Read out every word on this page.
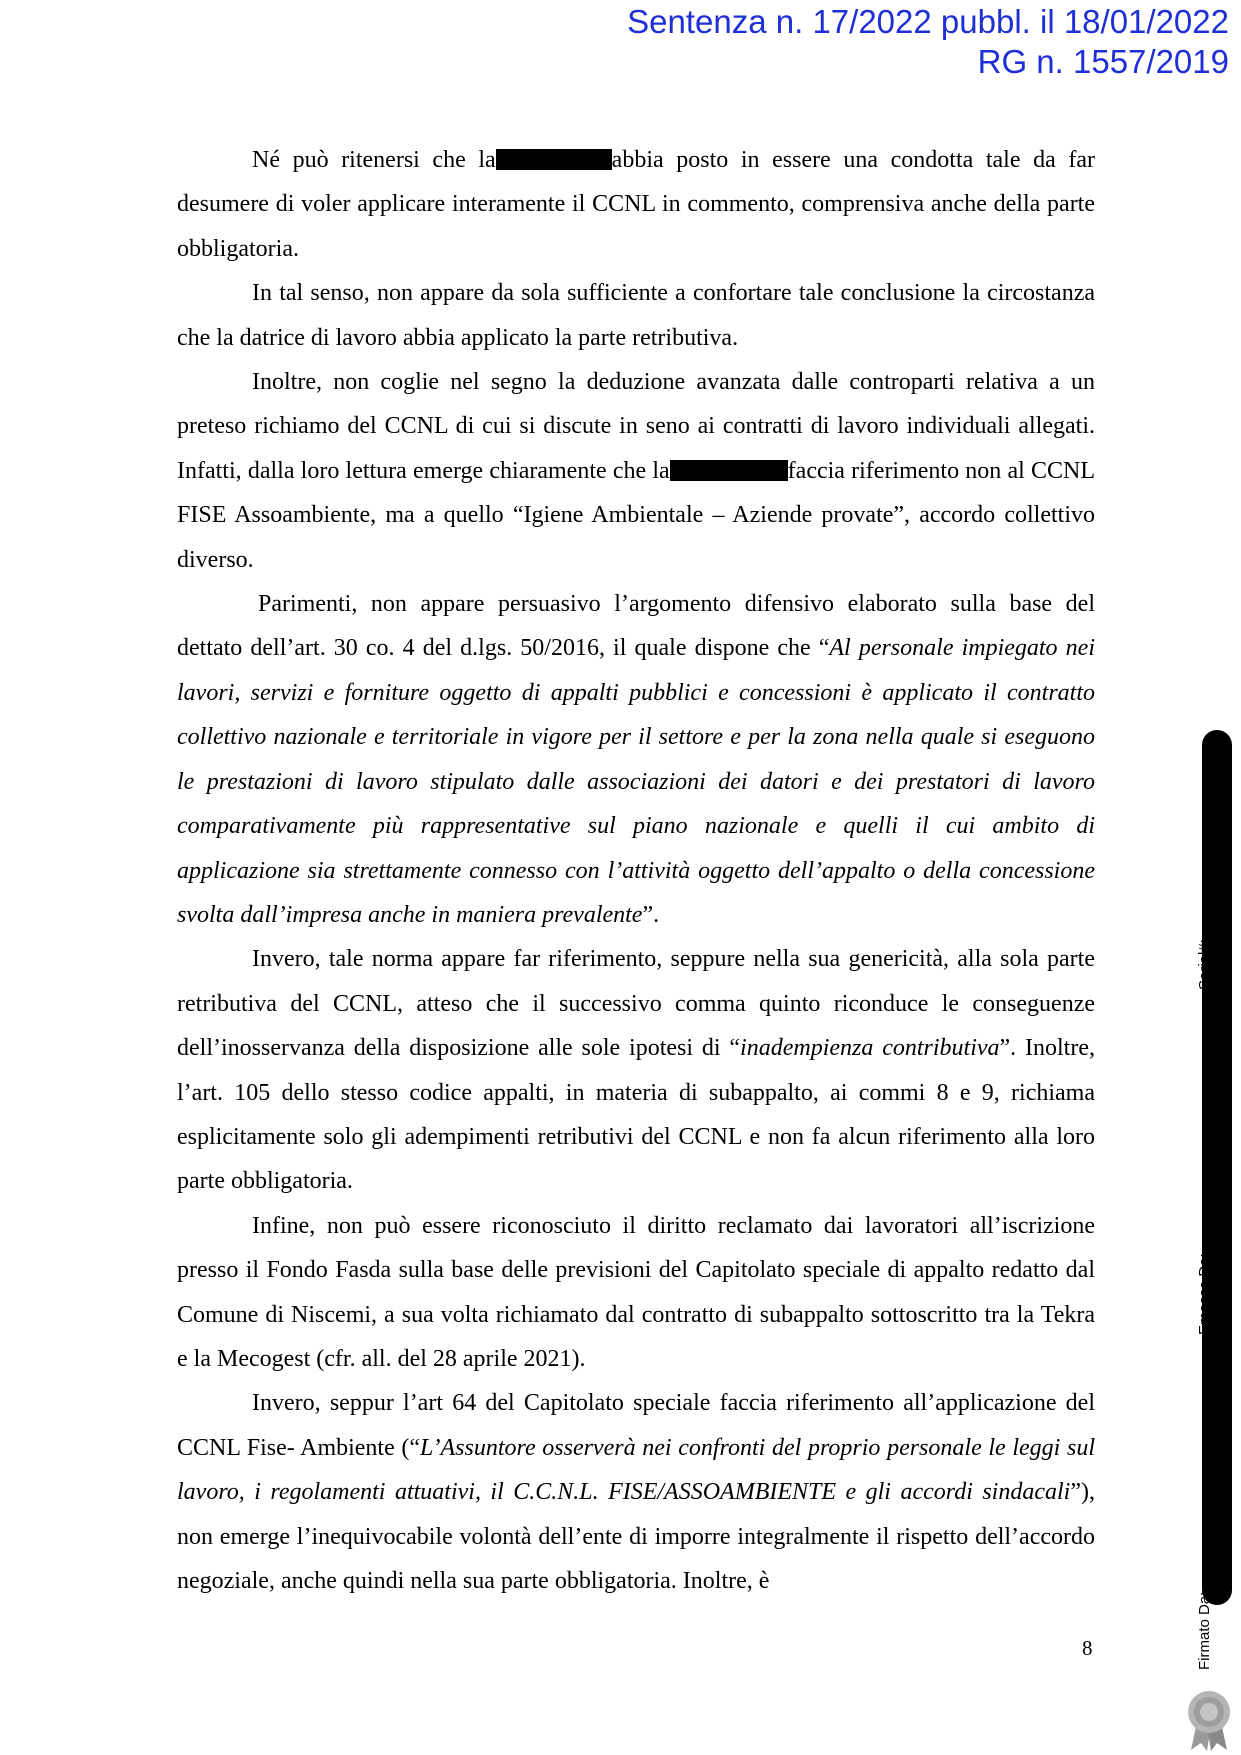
Sentenza n. 17/2022 pubbl. il 18/01/2022
RG n. 1557/2019

Né può ritenersi che la	abbia posto in essere una condotta tale da far desumere di voler applicare interamente il CCNL in commento, comprensiva anche della parte obbligatoria.

In tal senso, non appare da sola sufficiente a confortare tale conclusione la circostanza che la datrice di lavoro abbia applicato la parte retributiva.

Inoltre, non coglie nel segno la deduzione avanzata dalle controparti relativa a un preteso richiamo del CCNL di cui si discute in seno ai contratti di lavoro individuali allegati. Infatti, dalla loro lettura emerge chiaramente che la	faccia riferimento non al CCNL FISE Assoambiente, ma a quello “Igiene Ambientale – Aziende provate”, accordo collettivo diverso.

Parimenti, non appare persuasivo l’argomento difensivo elaborato sulla base del dettato dell’art. 30 co. 4 del d.lgs. 50/2016, il quale dispone che “Al personale impiegato nei lavori, servizi e forniture oggetto di appalti pubblici e concessioni è applicato il contratto collettivo nazionale e territoriale in vigore per il settore e per la zona nella quale si eseguono le prestazioni di lavoro stipulato dalle associazioni dei datori e dei prestatori di lavoro comparativamente più rappresentative sul piano nazionale e quelli il cui ambito di applicazione sia strettamente connesso con l’attività oggetto dell’appalto o della concessione svolta dall’impresa anche in maniera prevalente”.

Invero, tale norma appare far riferimento, seppure nella sua genericità, alla sola parte retributiva del CCNL, atteso che il successivo comma quinto riconduce le conseguenze dell’inosservanza della disposizione alle sole ipotesi di “inadempienza contributiva”. Inoltre, l’art. 105 dello stesso codice appalti, in materia di subappalto, ai commi 8 e 9, richiama esplicitamente solo gli adempimenti retributivi del CCNL e non fa alcun riferimento alla loro parte obbligatoria.

Infine, non può essere riconosciuto il diritto reclamato dai lavoratori all’iscrizione presso il Fondo Fasda sulla base delle previsioni del Capitolato speciale di appalto redatto dal Comune di Niscemi, a sua volta richiamato dal contratto di subappalto sottoscritto tra la Tekra e la Mecogest (cfr. all. del 28 aprile 2021).

Invero, seppur l’art 64 del Capitolato speciale faccia riferimento all’applicazione del CCNL Fise- Ambiente (“L’Assuntore osserverà nei confronti del proprio personale le leggi sul lavoro, i regolamenti attuativi, il C.C.N.L. FISE/ASSOAMBIENTE e gli accordi sindacali”), non emerge l’inequivocabile volontà dell’ente di imporre integralmente il rispetto dell’accordo negoziale, anche quindi nella sua parte obbligatoria. Inoltre, è

8	Firmato Da:
Emesso Da:
Serial#:
